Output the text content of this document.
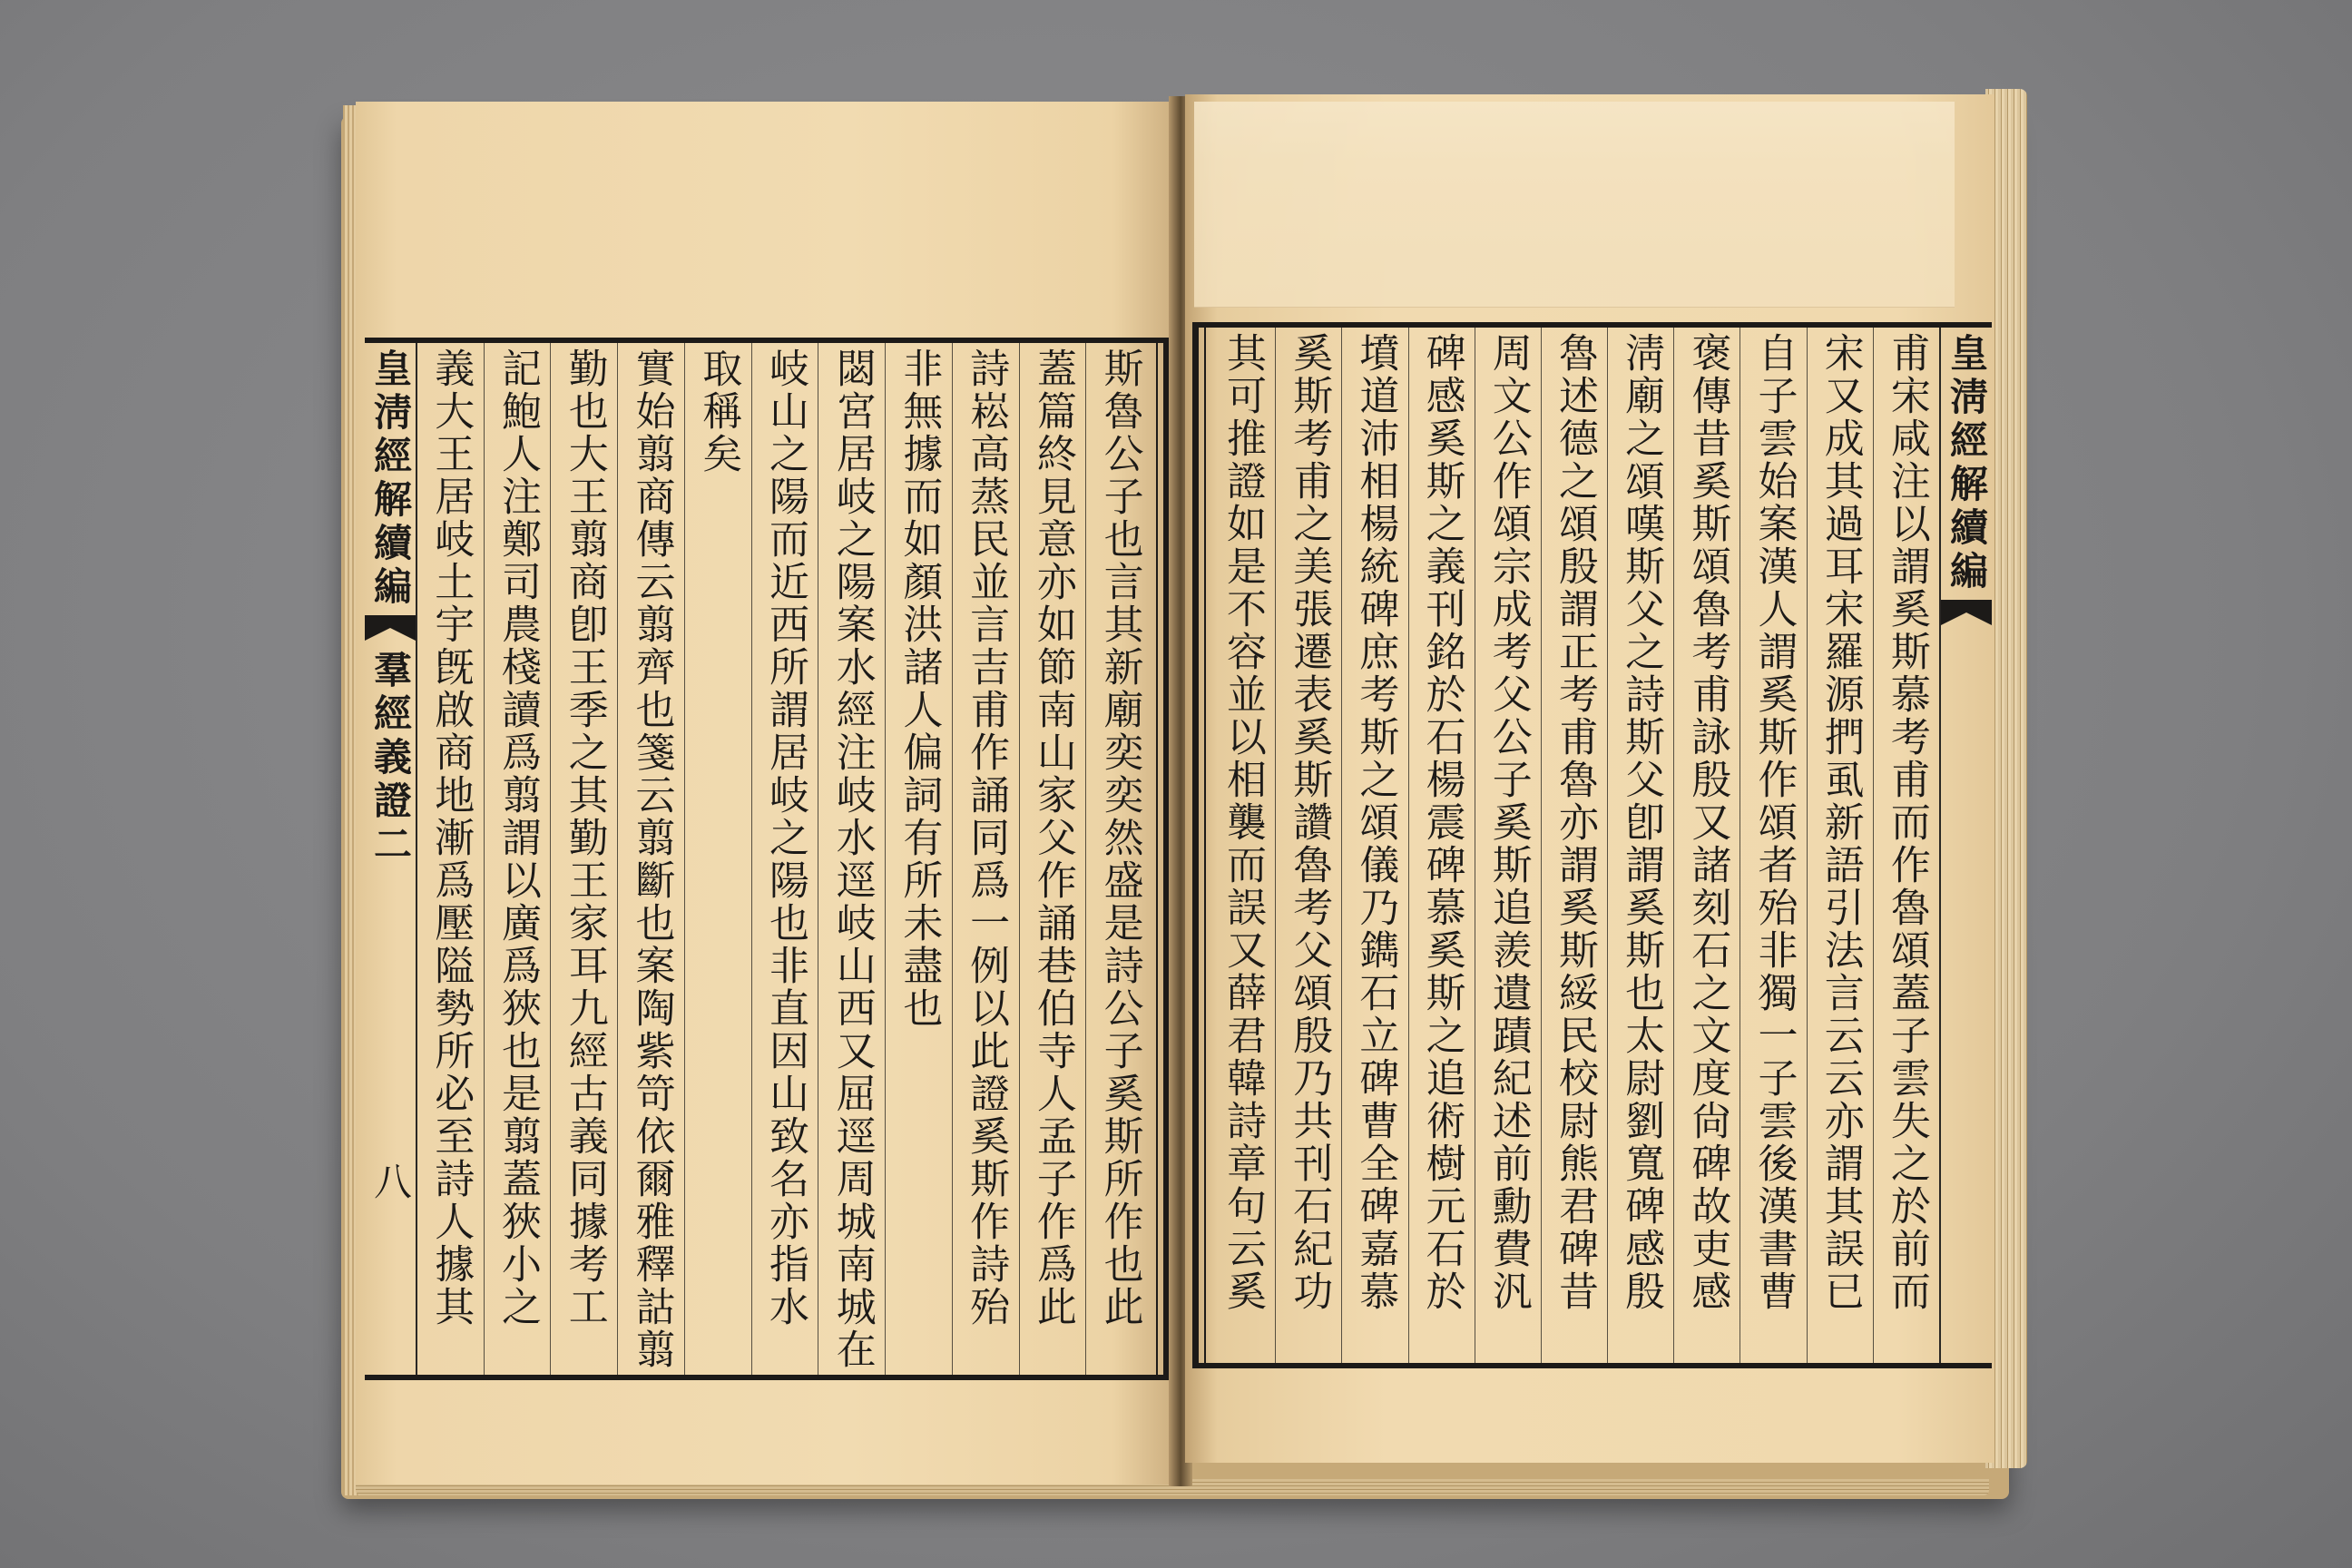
皇淸經解續編
羣經義證二
八	斯魯公子也言其新廟奕奕然盛是詩公子奚斯所作也此
蓋篇終見意亦如節南山家父作誦巷伯寺人孟子作爲此
詩崧高蒸民並言吉甫作誦同爲一例以此證奚斯作詩殆
非無據而如顏洪諸人偏詞有所未盡也
閟宮居岐之陽案水經注岐水逕岐山西又屈逕周城南城在
岐山之陽而近西所謂居岐之陽也非直因山致名亦指水
取稱矣
實始翦商傳云翦齊也箋云翦斷也案陶紫笴依爾雅釋詁翦
勤也大王翦商卽王季之其勤王家耳九經古義同據考工
記鮑人注鄭司農棧讀爲翦謂以廣爲狹也是翦蓋狹小之
義大王居岐土宇旣啟商地漸爲壓隘勢所必至詩人據其	甫宋咸注以謂奚斯慕考甫而作魯頌蓋子雲失之於前而
宋又成其過耳宋羅源捫虱新語引法言云云亦謂其誤已
自子雲始案漢人謂奚斯作頌者殆非獨一子雲後漢書曹
褒傳昔奚斯頌魯考甫詠殷又諸刻石之文度尙碑故吏感
淸廟之頌嘆斯父之詩斯父卽謂奚斯也太尉劉寬碑感殷
魯述德之頌殷謂正考甫魯亦謂奚斯綏民校尉熊君碑昔
周文公作頌宗成考父公子奚斯追羨遺蹟紀述前勳費汎
碑感奚斯之義刊銘於石楊震碑慕奚斯之追術樹元石於
墳道沛相楊統碑庶考斯之頌儀乃鐫石立碑曹全碑嘉慕
奚斯考甫之美張遷表奚斯讚魯考父頌殷乃共刊石紀功
其可推證如是不容並以相襲而誤又薛君韓詩章句云奚	皇淸經解續編
